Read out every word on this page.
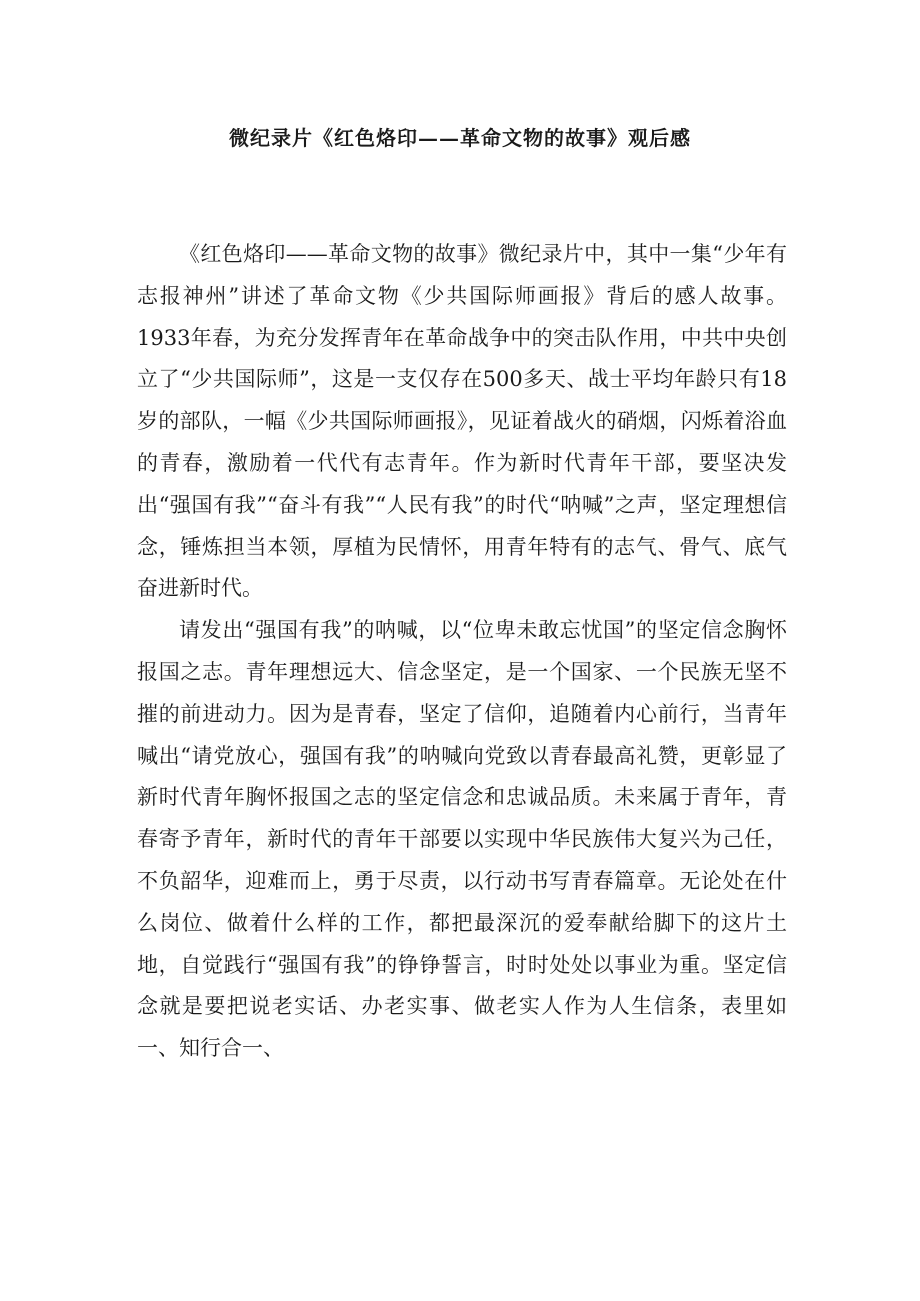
微纪录片《红色烙印——革命文物的故事》观后感

《红色烙印——革命文物的故事》微纪录片中，其中一集“少年有志报神州”讲述了革命文物《少共国际师画报》背后的感人故事。1933年春，为充分发挥青年在革命战争中的突击队作用，中共中央创立了“少共国际师”，这是一支仅存在500多天、战士平均年龄只有18岁的部队，一幅《少共国际师画报》，见证着战火的硝烟，闪烁着浴血的青春，激励着一代代有志青年。作为新时代青年干部，要坚决发出“强国有我”“奋斗有我”“人民有我”的时代“呐喊”之声，坚定理想信念，锤炼担当本领，厚植为民情怀，用青年特有的志气、骨气、底气奋进新时代。

请发出“强国有我”的呐喊，以“位卑未敢忘忧国”的坚定信念胸怀报国之志。青年理想远大、信念坚定，是一个国家、一个民族无坚不摧的前进动力。因为是青春，坚定了信仰，追随着内心前行，当青年喊出“请党放心，强国有我”的呐喊向党致以青春最高礼赞，更彰显了新时代青年胸怀报国之志的坚定信念和忠诚品质。未来属于青年，青春寄予青年，新时代的青年干部要以实现中华民族伟大复兴为己任，不负韶华，迎难而上，勇于尽责，以行动书写青春篇章。无论处在什么岗位、做着什么样的工作，都把最深沉的爱奉献给脚下的这片土地，自觉践行“强国有我”的铮铮誓言，时时处处以事业为重。坚定信念就是要把说老实话、办老实事、做老实人作为人生信条，表里如一、知行合一、
